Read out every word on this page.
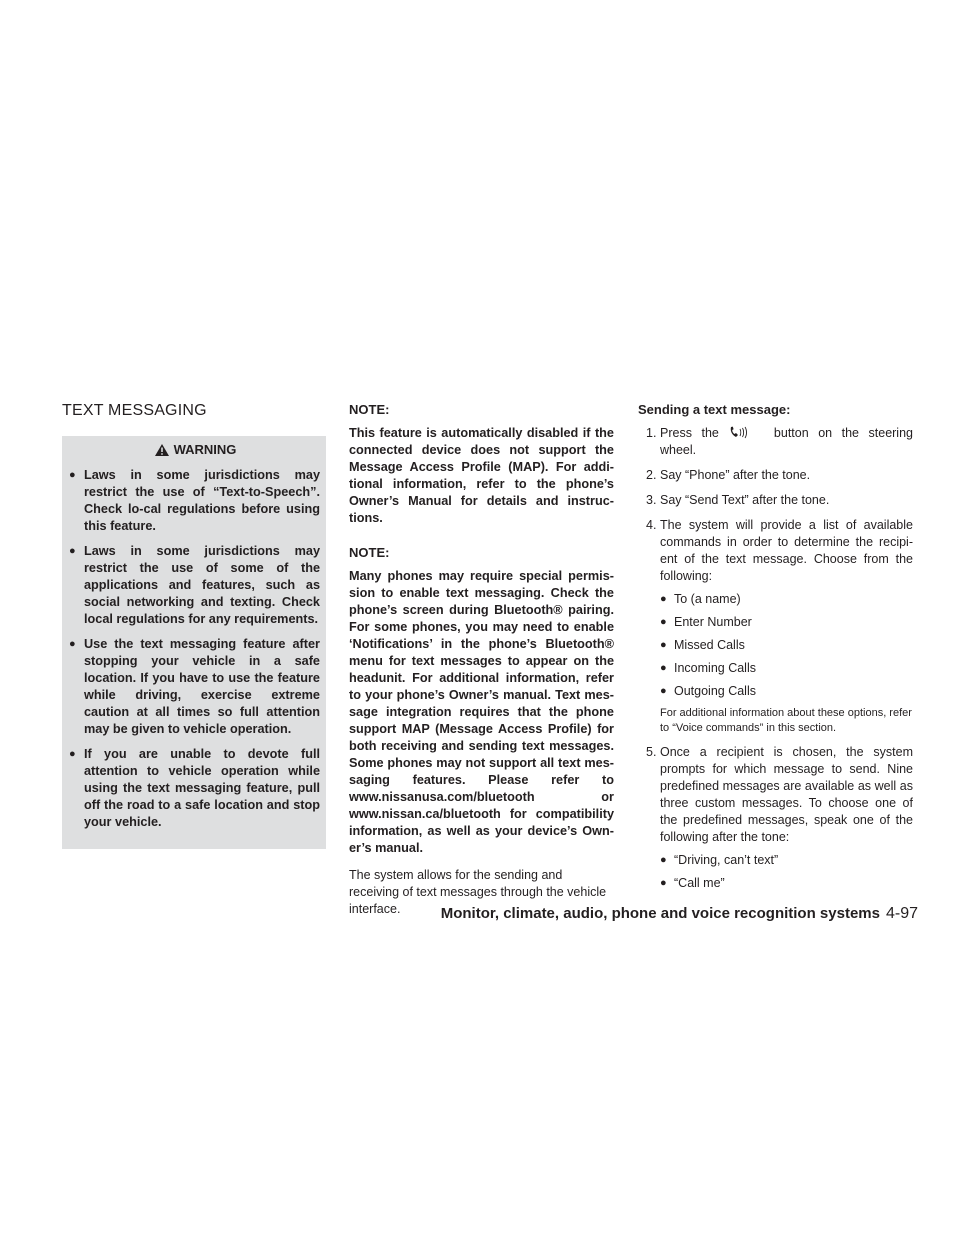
TEXT MESSAGING
WARNING
● Laws in some jurisdictions may restrict the use of “Text-to-Speech”. Check lo-cal regulations before using this feature.
● Laws in some jurisdictions may restrict the use of some of the applications and features, such as social networking and texting. Check local regulations for any requirements.
● Use the text messaging feature after stopping your vehicle in a safe location. If you have to use the feature while driving, exercise extreme caution at all times so full attention may be given to vehicle operation.
● If you are unable to devote full attention to vehicle operation while using the text messaging feature, pull off the road to a safe location and stop your vehicle.
NOTE:
This feature is automatically disabled if the connected device does not support the Message Access Profile (MAP). For addi-tional information, refer to the phone’s Owner’s Manual for details and instruc-tions.
NOTE:
Many phones may require special permis-sion to enable text messaging. Check the phone’s screen during Bluetooth® pairing. For some phones, you may need to enable ‘Notifications’ in the phone’s Bluetooth® menu for text messages to appear on the headunit. For additional information, refer to your phone’s Owner’s manual. Text mes-sage integration requires that the phone support MAP (Message Access Profile) for both receiving and sending text messages. Some phones may not support all text mes-saging features. Please refer to www.nissanusa.com/bluetooth or www.nissan.ca/bluetooth for compatibility information, as well as your device’s Own-er’s manual.

The system allows for the sending and receiving of text messages through the vehicle interface.

Sending a text message:
1 . Press the	button on the steering wheel.
2 . Say “Phone” after the tone.
3 . Say “Send Text” after the tone.
4 . The system will provide a list of available commands in order to determine the recipi-ent of the text message. Choose from the following:
● To (a name)
● Enter Number
● Missed Calls
● Incoming Calls
● Outgoing Calls

For additional information about these options, refer to “Voice commands” in this section.

5 . Once a recipient is chosen, the system prompts for which message to send. Nine predefined messages are available as well as three custom messages. To choose one of the predefined messages, speak one of the following after the tone:
● “Driving, can’t text”
● “Call me”
Monitor, climate, audio, phone and voice recognition systems 4-97
